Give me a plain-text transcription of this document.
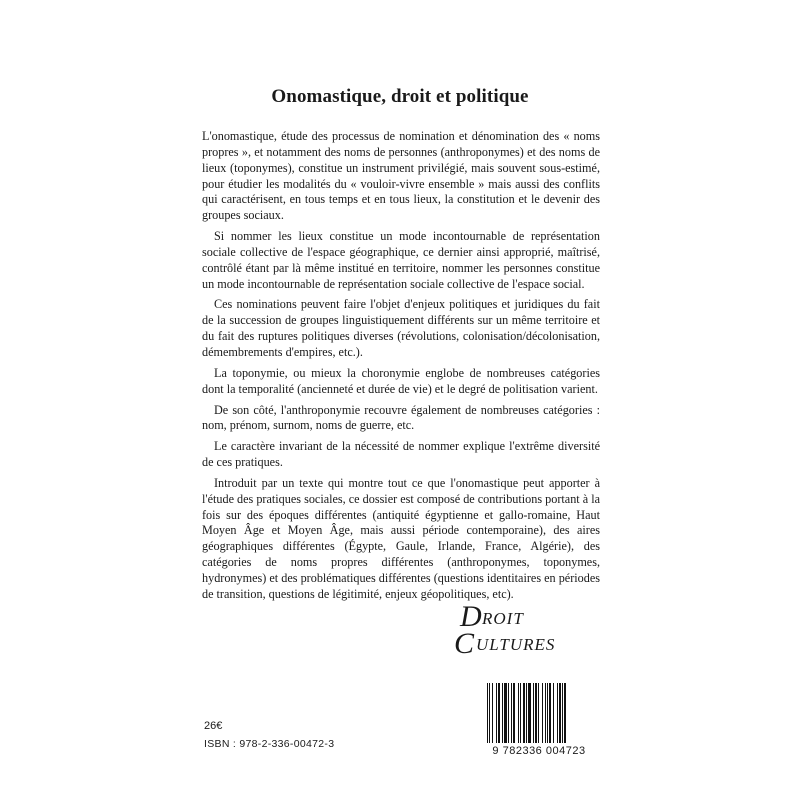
Onomastique, droit et politique

L'onomastique, étude des processus de nomination et dénomination des « noms propres », et notamment des noms de personnes (anthroponymes) et des noms de lieux (toponymes), constitue un instrument privilégié, mais souvent sous-estimé, pour étudier les modalités du « vouloir-vivre ensemble » mais aussi des conflits qui caractérisent, en tous temps et en tous lieux, la constitution et le devenir des groupes sociaux.

Si nommer les lieux constitue un mode incontournable de représentation sociale collective de l'espace géographique, ce dernier ainsi approprié, maîtrisé, contrôlé étant par là même institué en territoire, nommer les personnes constitue un mode incontournable de représentation sociale collective de l'espace social.

Ces nominations peuvent faire l'objet d'enjeux politiques et juridiques du fait de la succession de groupes linguistiquement différents sur un même territoire et du fait des ruptures politiques diverses (révolutions, colonisation/décolonisation, démembrements d'empires, etc.).

La toponymie, ou mieux la choronymie englobe de nombreuses catégories dont la temporalité (ancienneté et durée de vie) et le degré de politisation varient.

De son côté, l'anthroponymie recouvre également de nombreuses catégories : nom, prénom, surnom, noms de guerre, etc.

Le caractère invariant de la nécessité de nommer explique l'extrême diversité de ces pratiques.

Introduit par un texte qui montre tout ce que l'onomastique peut apporter à l'étude des pratiques sociales, ce dossier est composé de contributions portant à la fois sur des époques différentes (antiquité égyptienne et gallo-romaine, Haut Moyen Âge et Moyen Âge, mais aussi période contemporaine), des aires géographiques différentes (Égypte, Gaule, Irlande, France, Algérie), des catégories de noms propres différentes (anthroponymes, toponymes, hydronymes) et des problématiques différentes (questions identitaires en périodes de transition, questions de légitimité, enjeux géopolitiques, etc).

D ROIT
C ULTURES
26€
ISBN : 978-2-336-00472-3
9 782336 004723
